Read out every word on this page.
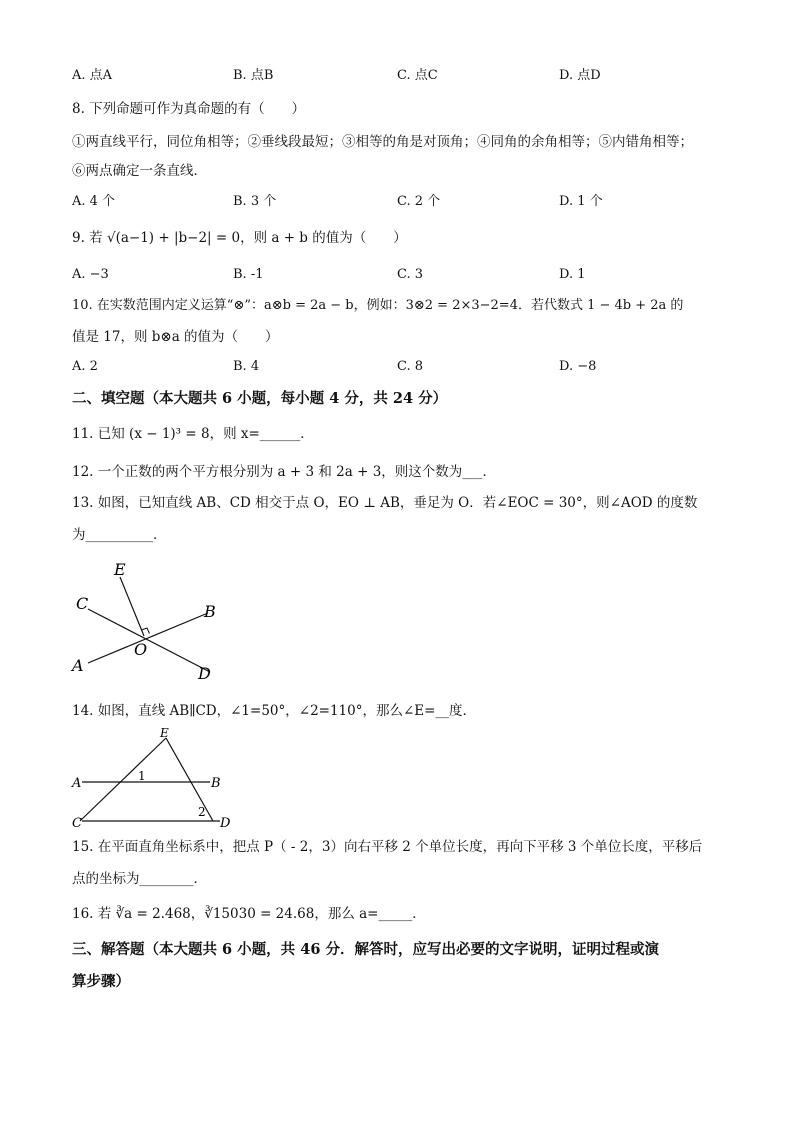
A. 点A	B. 点B	C. 点C	D. 点D
8. 下列命题可作为真命题的有（　　）
①两直线平行，同位角相等；②垂线段最短；③相等的角是对顶角；④同角的余角相等；⑤内错角相等；
⑥两点确定一条直线．
A. 4 个	B. 3 个	C. 2 个	D. 1 个
9. 若 √(a−1) + |b−2| = 0，则 a + b 的值为（　　）
A. −3	B. -1	C. 3	D. 1
10. 在实数范围内定义运算“⊗”：a⊗b = 2a − b，例如：3⊗2 = 2×3−2=4．若代数式 1 − 4b + 2a 的
值是 17，则 b⊗a 的值为（　　）
A. 2	B. 4	C. 8	D. −8
二、填空题（本大题共 6 小题，每小题 4 分，共 24 分）
11. 已知 (x − 1)³ = 8，则 x=______．
12. 一个正数的两个平方根分别为 a + 3 和 2a + 3，则这个数为___．
13. 如图，已知直线 AB、CD 相交于点 O，EO ⊥ AB，垂足为 O．若∠EOC = 30°，则∠AOD 的度数
为__________．
E
C	B
O
A	D
14. 如图，直线 AB∥CD，∠1=50°，∠2=110°，那么∠E=__度．
E
A	B
C	D
1
2
15. 在平面直角坐标系中，把点 P（ - 2，3）向右平移 2 个单位长度，再向下平移 3 个单位长度，平移后
点的坐标为________．
16. 若 ∛a = 2.468，∛15030 = 24.68，那么 a=_____．
三、解答题（本大题共 6 小题，共 46 分．解答时，应写出必要的文字说明，证明过程或演
算步骤）
